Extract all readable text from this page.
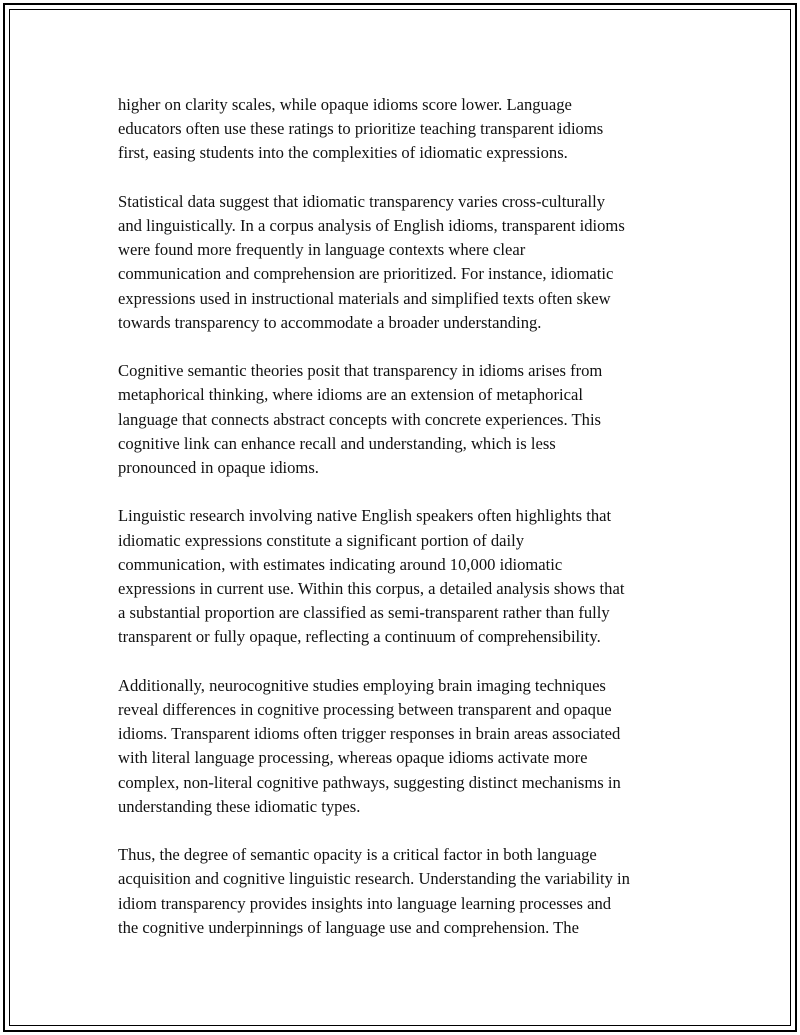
higher on clarity scales, while opaque idioms score lower. Language
educators often use these ratings to prioritize teaching transparent idioms
first, easing students into the complexities of idiomatic expressions.

Statistical data suggest that idiomatic transparency varies cross-culturally
and linguistically. In a corpus analysis of English idioms, transparent idioms
were found more frequently in language contexts where clear
communication and comprehension are prioritized. For instance, idiomatic
expressions used in instructional materials and simplified texts often skew
towards transparency to accommodate a broader understanding.

Cognitive semantic theories posit that transparency in idioms arises from
metaphorical thinking, where idioms are an extension of metaphorical
language that connects abstract concepts with concrete experiences. This
cognitive link can enhance recall and understanding, which is less
pronounced in opaque idioms.

Linguistic research involving native English speakers often highlights that
idiomatic expressions constitute a significant portion of daily
communication, with estimates indicating around 10,000 idiomatic
expressions in current use. Within this corpus, a detailed analysis shows that
a substantial proportion are classified as semi-transparent rather than fully
transparent or fully opaque, reflecting a continuum of comprehensibility.

Additionally, neurocognitive studies employing brain imaging techniques
reveal differences in cognitive processing between transparent and opaque
idioms. Transparent idioms often trigger responses in brain areas associated
with literal language processing, whereas opaque idioms activate more
complex, non-literal cognitive pathways, suggesting distinct mechanisms in
understanding these idiomatic types.

Thus, the degree of semantic opacity is a critical factor in both language
acquisition and cognitive linguistic research. Understanding the variability in
idiom transparency provides insights into language learning processes and
the cognitive underpinnings of language use and comprehension. The
